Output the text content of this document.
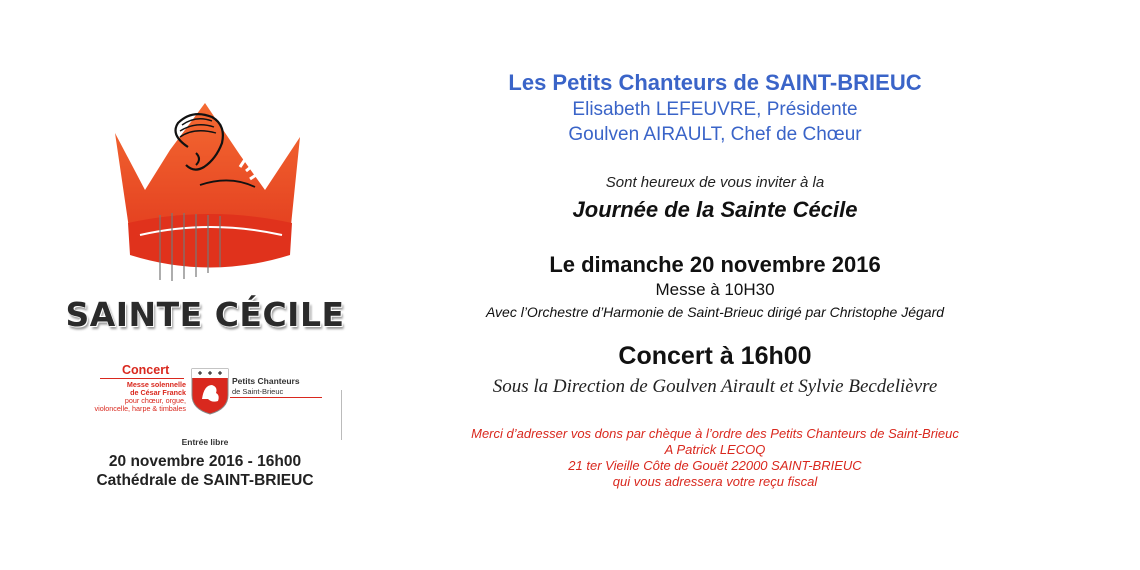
SAINTE CÉCILE
Concert
Messe solennelle
de César Franck
pour chœur, orgue,
violoncelle, harpe & timbales
Petits Chanteurs
de Saint-Brieuc
Entrée libre
20 novembre 2016 - 16h00
Cathédrale de SAINT-BRIEUC
Les Petits Chanteurs de SAINT-BRIEUC
Elisabeth LEFEUVRE, Présidente
Goulven AIRAULT, Chef de Chœur
Sont heureux de vous inviter à la
Journée de la Sainte Cécile
Le dimanche 20 novembre 2016
Messe à 10H30
Avec l’Orchestre d’Harmonie de Saint-Brieuc dirigé par Christophe Jégard
Concert à 16h00
Sous la Direction de Goulven Airault et Sylvie Becdelièvre
Merci d’adresser vos dons par chèque à l’ordre des Petits Chanteurs de Saint-Brieuc
A Patrick LECOQ
21 ter Vieille Côte de Gouët 22000 SAINT-BRIEUC
qui vous adressera votre reçu fiscal
